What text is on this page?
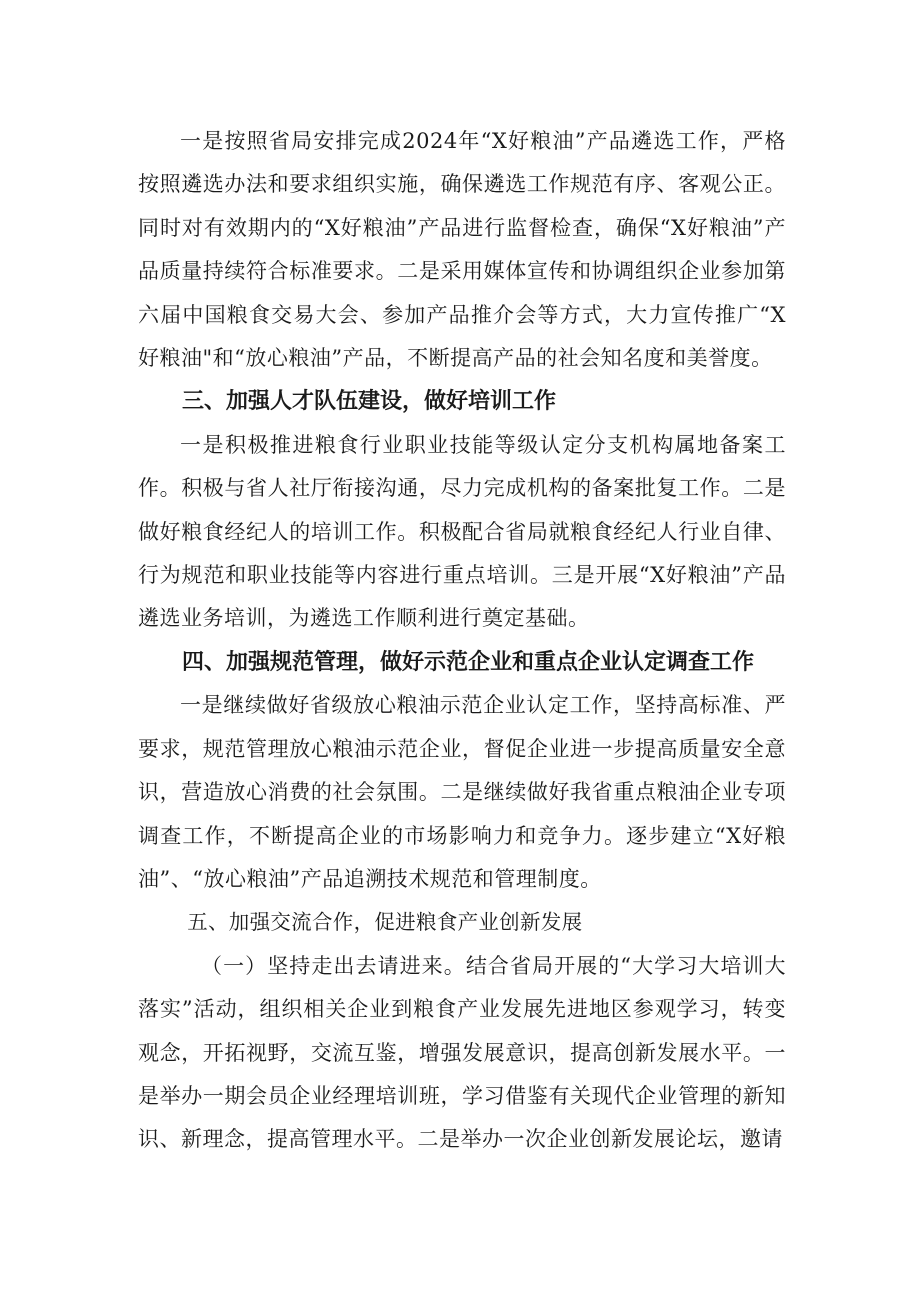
一是按照省局安排完成2024年“X好粮油”产品遴选工作，严格按照遴选办法和要求组织实施，确保遴选工作规范有序、客观公正。同时对有效期内的“X好粮油”产品进行监督检查，确保“X好粮油”产品质量持续符合标准要求。二是采用媒体宣传和协调组织企业参加第六届中国粮食交易大会、参加产品推介会等方式，大力宣传推广“X好粮油"和“放心粮油”产品，不断提高产品的社会知名度和美誉度。

三、加强人才队伍建设，做好培训工作

一是积极推进粮食行业职业技能等级认定分支机构属地备案工作。积极与省人社厅衔接沟通，尽力完成机构的备案批复工作。二是做好粮食经纪人的培训工作。积极配合省局就粮食经纪人行业自律、行为规范和职业技能等内容进行重点培训。三是开展“X好粮油”产品遴选业务培训，为遴选工作顺利进行奠定基础。

四、加强规范管理，做好示范企业和重点企业认定调查工作

一是继续做好省级放心粮油示范企业认定工作，坚持高标准、严要求，规范管理放心粮油示范企业，督促企业进一步提高质量安全意识，营造放心消费的社会氛围。二是继续做好我省重点粮油企业专项调查工作，不断提高企业的市场影响力和竞争力。逐步建立“X好粮油”、“放心粮油”产品追溯技术规范和管理制度。

五、加强交流合作，促进粮食产业创新发展

（一）坚持走出去请进来。结合省局开展的“大学习大培训大落实”活动，组织相关企业到粮食产业发展先进地区参观学习，转变观念，开拓视野，交流互鉴，增强发展意识，提高创新发展水平。一是举办一期会员企业经理培训班，学习借鉴有关现代企业管理的新知识、新理念，提高管理水平。二是举办一次企业创新发展论坛，邀请
